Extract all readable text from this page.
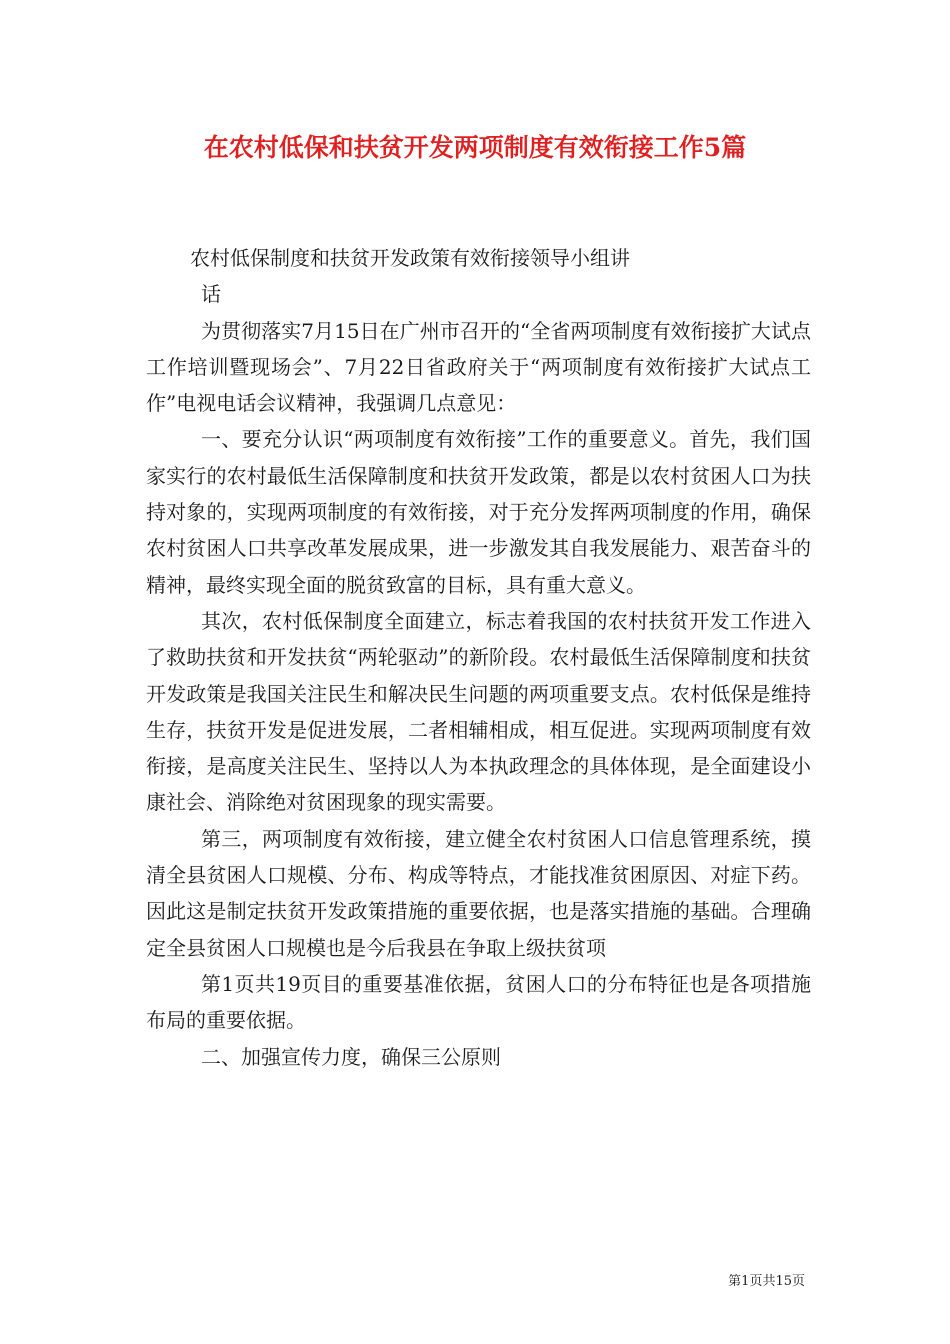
在农村低保和扶贫开发两项制度有效衔接工作5篇

农村低保制度和扶贫开发政策有效衔接领导小组讲

话

为贯彻落实7月15日在广州市召开的“全省两项制度有效衔接扩大试点工作培训暨现场会”、7月22日省政府关于“两项制度有效衔接扩大试点工作”电视电话会议精神，我强调几点意见：

一、要充分认识“两项制度有效衔接”工作的重要意义。首先，我们国家实行的农村最低生活保障制度和扶贫开发政策，都是以农村贫困人口为扶持对象的，实现两项制度的有效衔接，对于充分发挥两项制度的作用，确保农村贫困人口共享改革发展成果，进一步激发其自我发展能力、艰苦奋斗的精神，最终实现全面的脱贫致富的目标，具有重大意义。

其次，农村低保制度全面建立，标志着我国的农村扶贫开发工作进入了救助扶贫和开发扶贫“两轮驱动”的新阶段。农村最低生活保障制度和扶贫开发政策是我国关注民生和解决民生问题的两项重要支点。农村低保是维持生存，扶贫开发是促进发展，二者相辅相成，相互促进。实现两项制度有效衔接，是高度关注民生、坚持以人为本执政理念的具体体现，是全面建设小康社会、消除绝对贫困现象的现实需要。

第三，两项制度有效衔接，建立健全农村贫困人口信息管理系统，摸清全县贫困人口规模、分布、构成等特点，才能找准贫困原因、对症下药。因此这是制定扶贫开发政策措施的重要依据，也是落实措施的基础。合理确定全县贫困人口规模也是今后我县在争取上级扶贫项

第1页共19页目的重要基准依据，贫困人口的分布特征也是各项措施布局的重要依据。

二、加强宣传力度，确保三公原则

第1页共15页
